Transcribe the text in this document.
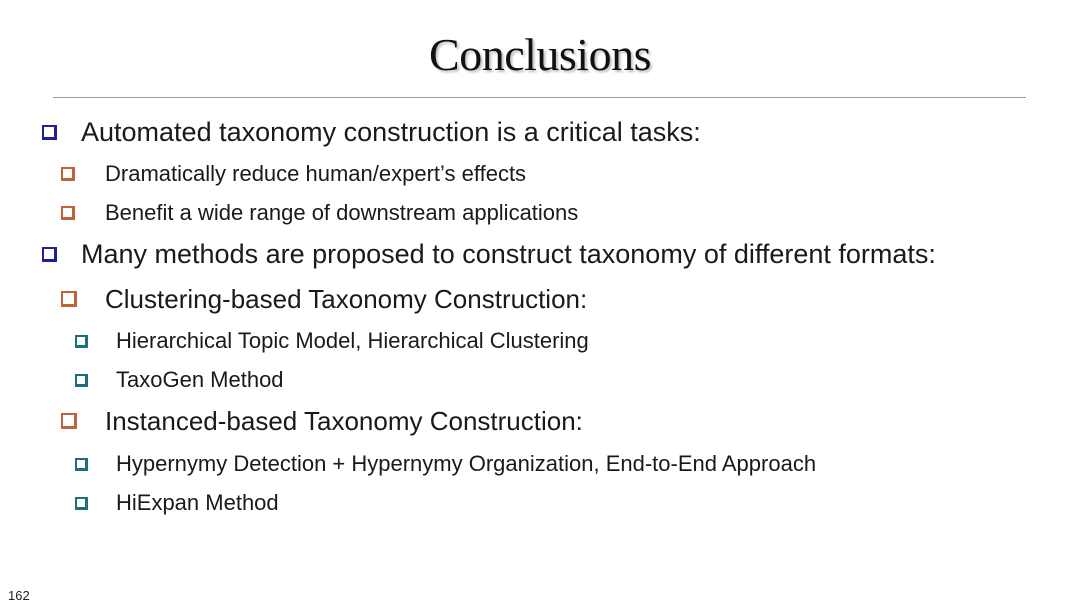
Conclusions
Automated taxonomy construction is a critical tasks:
Dramatically reduce human/expert’s effects
Benefit a wide range of downstream applications
Many methods are proposed to construct taxonomy of different formats:
Clustering-based Taxonomy Construction:
Hierarchical Topic Model, Hierarchical Clustering
TaxoGen Method
Instanced-based Taxonomy Construction:
Hypernymy Detection + Hypernymy Organization, End-to-End Approach
HiExpan Method
162
